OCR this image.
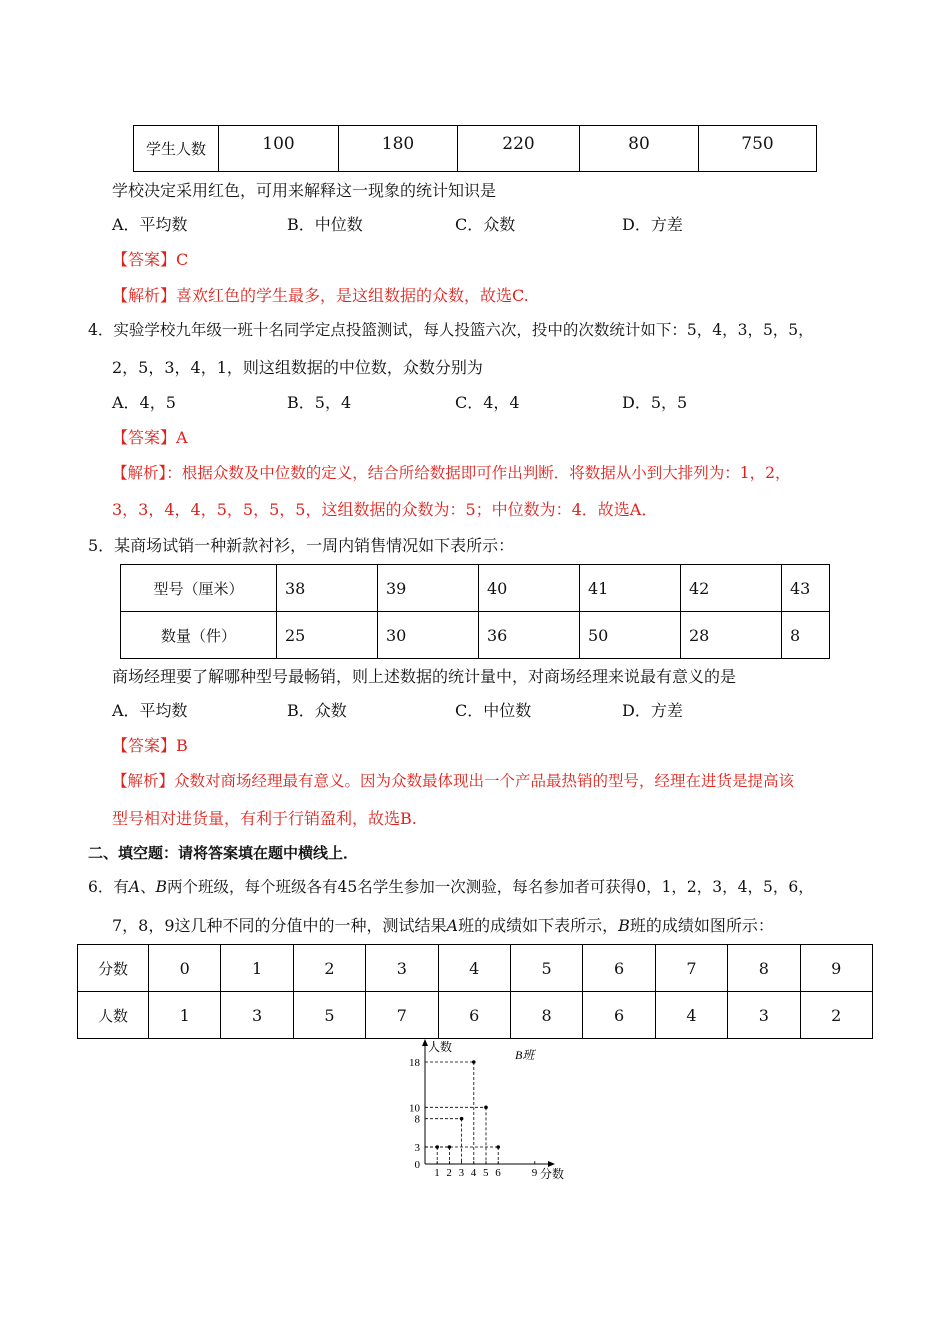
学生人数	100	180	220	80	750
学校决定采用红色，可用来解释这一现象的统计知识是
A．平均数	B．中位数	C．众数	D．方差
【答案】C
【解析】喜欢红色的学生最多，是这组数据的众数，故选C.
4．实验学校九年级一班十名同学定点投篮测试，每人投篮六次，投中的次数统计如下：5，4，3，5，5，
2，5，3，4，1，则这组数据的中位数，众数分别为
A．4，5	B．5，4	C．4，4	D．5，5
【答案】A
【解析】：根据众数及中位数的定义，结合所给数据即可作出判断．将数据从小到大排列为：1，2，
3，3，4，4，5，5，5，5，这组数据的众数为：5；中位数为：4．故选A．
5．某商场试销一种新款衬衫，一周内销售情况如下表所示：
型号（厘米）	38	39	40	41	42	43
数量（件）	25	30	36	50	28	8
商场经理要了解哪种型号最畅销，则上述数据的统计量中，对商场经理来说最有意义的是
A．平均数	B．众数	C．中位数	D．方差
【答案】B
【解析】众数对商场经理最有意义。因为众数最体现出一个产品最热销的型号，经理在进货是提高该
型号相对进货量，有利于行销盈利，故选B.
二、填空题：请将答案填在题中横线上．
6．有A、B两个班级，每个班级各有45名学生参加一次测验，每名参加者可获得0，1，2，3，4，5，6，
7，8，9这几种不同的分值中的一种，测试结果A班的成绩如下表所示，B班的成绩如图所示：
分数	0	1	2	3	4	5	6	7	8	9
人数	1	3	5	7	6	8	6	4	3	2
人数
B班
分数
1 2 3 4 5 6	9
0
3
8
10
18
